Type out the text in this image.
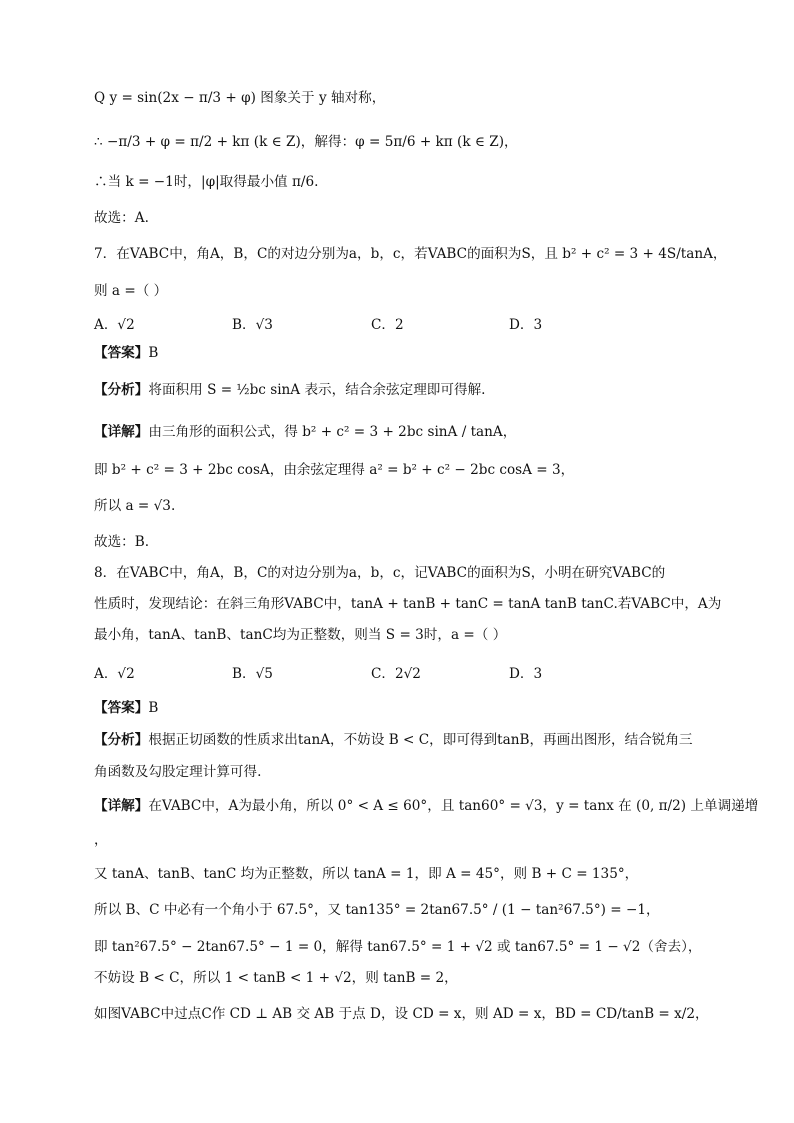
Q y = sin(2x − π/3 + φ) 图象关于 y 轴对称，
∴ −π/3 + φ = π/2 + kπ (k ∈ Z)，解得：φ = 5π/6 + kπ (k ∈ Z)，
∴当 k = −1时，|φ|取得最小值 π/6.
故选：A.
7．在VABC中，角A，B，C的对边分别为a，b，c，若VABC的面积为S，且 b² + c² = 3 + 4S/tanA，
则 a =（ ）
A．√2	B．√3	C．2	D．3
【答案】B
【分析】将面积用 S = ½bc sinA 表示，结合余弦定理即可得解.
【详解】由三角形的面积公式，得 b² + c² = 3 + 2bc sinA / tanA，
即 b² + c² = 3 + 2bc cosA，由余弦定理得 a² = b² + c² − 2bc cosA = 3，
所以 a = √3.
故选：B.
8．在VABC中，角A，B，C的对边分别为a，b，c，记VABC的面积为S，小明在研究VABC的
性质时，发现结论：在斜三角形VABC中，tanA + tanB + tanC = tanA tanB tanC.若VABC中，A为
最小角，tanA、tanB、tanC均为正整数，则当 S = 3时，a =（ ）
A．√2	B．√5	C．2√2	D．3
【答案】B
【分析】根据正切函数的性质求出tanA，不妨设 B < C，即可得到tanB，再画出图形，结合锐角三
角函数及勾股定理计算可得.
【详解】在VABC中，A为最小角，所以 0° < A ≤ 60°，且 tan60° = √3，y = tanx 在 (0, π/2) 上单调递增
，
又 tanA、tanB、tanC 均为正整数，所以 tanA = 1，即 A = 45°，则 B + C = 135°，
所以 B、C 中必有一个角小于 67.5°，又 tan135° = 2tan67.5° / (1 − tan²67.5°) = −1，
即 tan²67.5° − 2tan67.5° − 1 = 0，解得 tan67.5° = 1 + √2 或 tan67.5° = 1 − √2（舍去），
不妨设 B < C，所以 1 < tanB < 1 + √2，则 tanB = 2，
如图VABC中过点C作 CD ⊥ AB 交 AB 于点 D，设 CD = x，则 AD = x，BD = CD/tanB = x/2，
